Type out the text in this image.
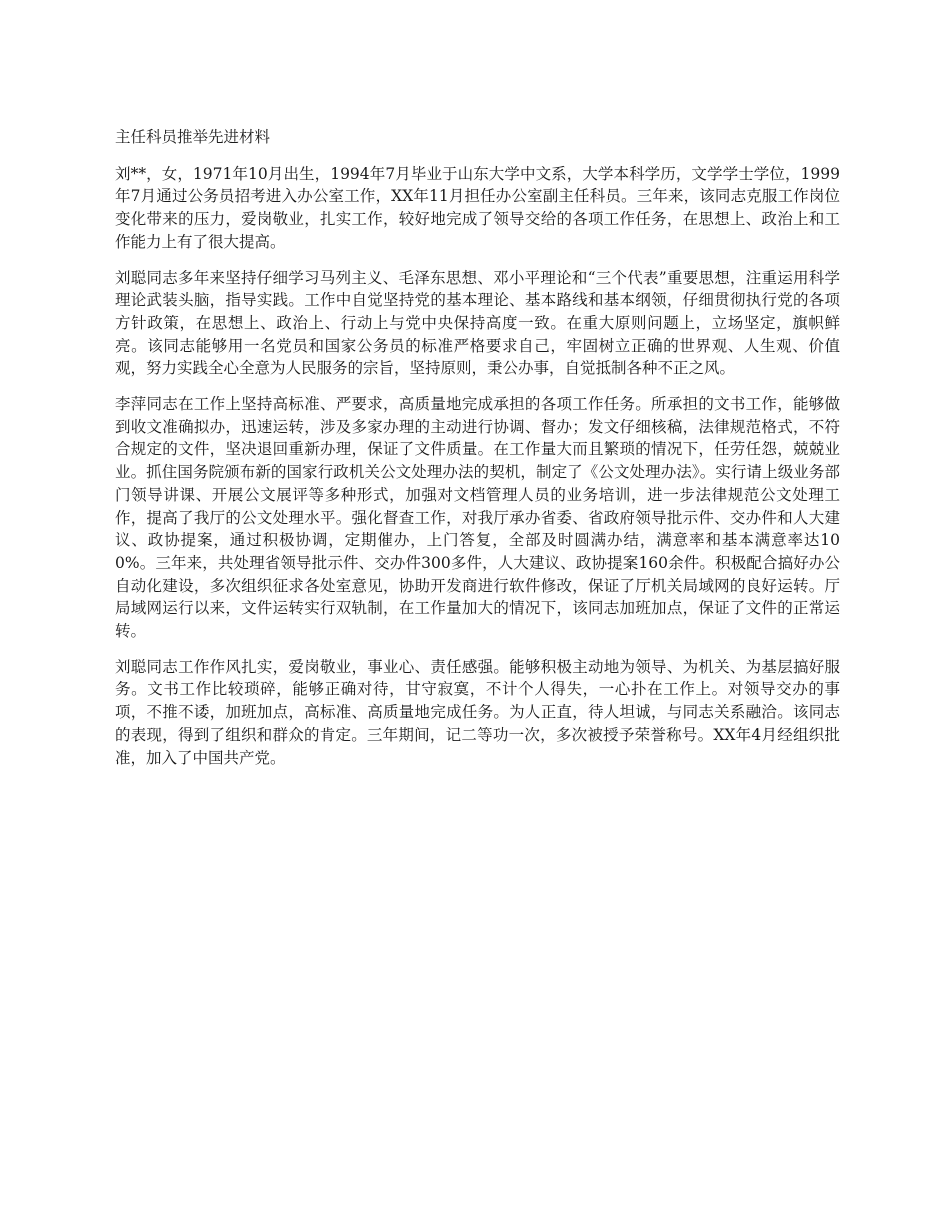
主任科员推举先进材料

刘**，女，1971年10月出生，1994年7月毕业于山东大学中文系，大学本科学历，文学学士学位，1999年7月通过公务员招考进入办公室工作，XX年11月担任办公室副主任科员。三年来，该同志克服工作岗位变化带来的压力，爱岗敬业，扎实工作，较好地完成了领导交给的各项工作任务，在思想上、政治上和工作能力上有了很大提高。

刘聪同志多年来坚持仔细学习马列主义、毛泽东思想、邓小平理论和“三个代表”重要思想，注重运用科学理论武装头脑，指导实践。工作中自觉坚持党的基本理论、基本路线和基本纲领，仔细贯彻执行党的各项方针政策，在思想上、政治上、行动上与党中央保持高度一致。在重大原则问题上，立场坚定，旗帜鲜亮。该同志能够用一名党员和国家公务员的标准严格要求自己，牢固树立正确的世界观、人生观、价值观，努力实践全心全意为人民服务的宗旨，坚持原则，秉公办事，自觉抵制各种不正之风。

李萍同志在工作上坚持高标准、严要求，高质量地完成承担的各项工作任务。所承担的文书工作，能够做到收文准确拟办，迅速运转，涉及多家办理的主动进行协调、督办；发文仔细核稿，法律规范格式，不符合规定的文件，坚决退回重新办理，保证了文件质量。在工作量大而且繁琐的情况下，任劳任怨，兢兢业业。抓住国务院颁布新的国家行政机关公文处理办法的契机，制定了《公文处理办法》。实行请上级业务部门领导讲课、开展公文展评等多种形式，加强对文档管理人员的业务培训，进一步法律规范公文处理工作，提高了我厅的公文处理水平。强化督查工作，对我厅承办省委、省政府领导批示件、交办件和人大建议、政协提案，通过积极协调，定期催办，上门答复，全部及时圆满办结，满意率和基本满意率达100%。三年来，共处理省领导批示件、交办件300多件，人大建议、政协提案160余件。积极配合搞好办公自动化建设，多次组织征求各处室意见，协助开发商进行软件修改，保证了厅机关局域网的良好运转。厅局域网运行以来，文件运转实行双轨制，在工作量加大的情况下，该同志加班加点，保证了文件的正常运转。

刘聪同志工作作风扎实，爱岗敬业，事业心、责任感强。能够积极主动地为领导、为机关、为基层搞好服务。文书工作比较琐碎，能够正确对待，甘守寂寞，不计个人得失，一心扑在工作上。对领导交办的事项，不推不诿，加班加点，高标准、高质量地完成任务。为人正直，待人坦诚，与同志关系融洽。该同志的表现，得到了组织和群众的肯定。三年期间，记二等功一次，多次被授予荣誉称号。XX年4月经组织批准，加入了中国共产党。
